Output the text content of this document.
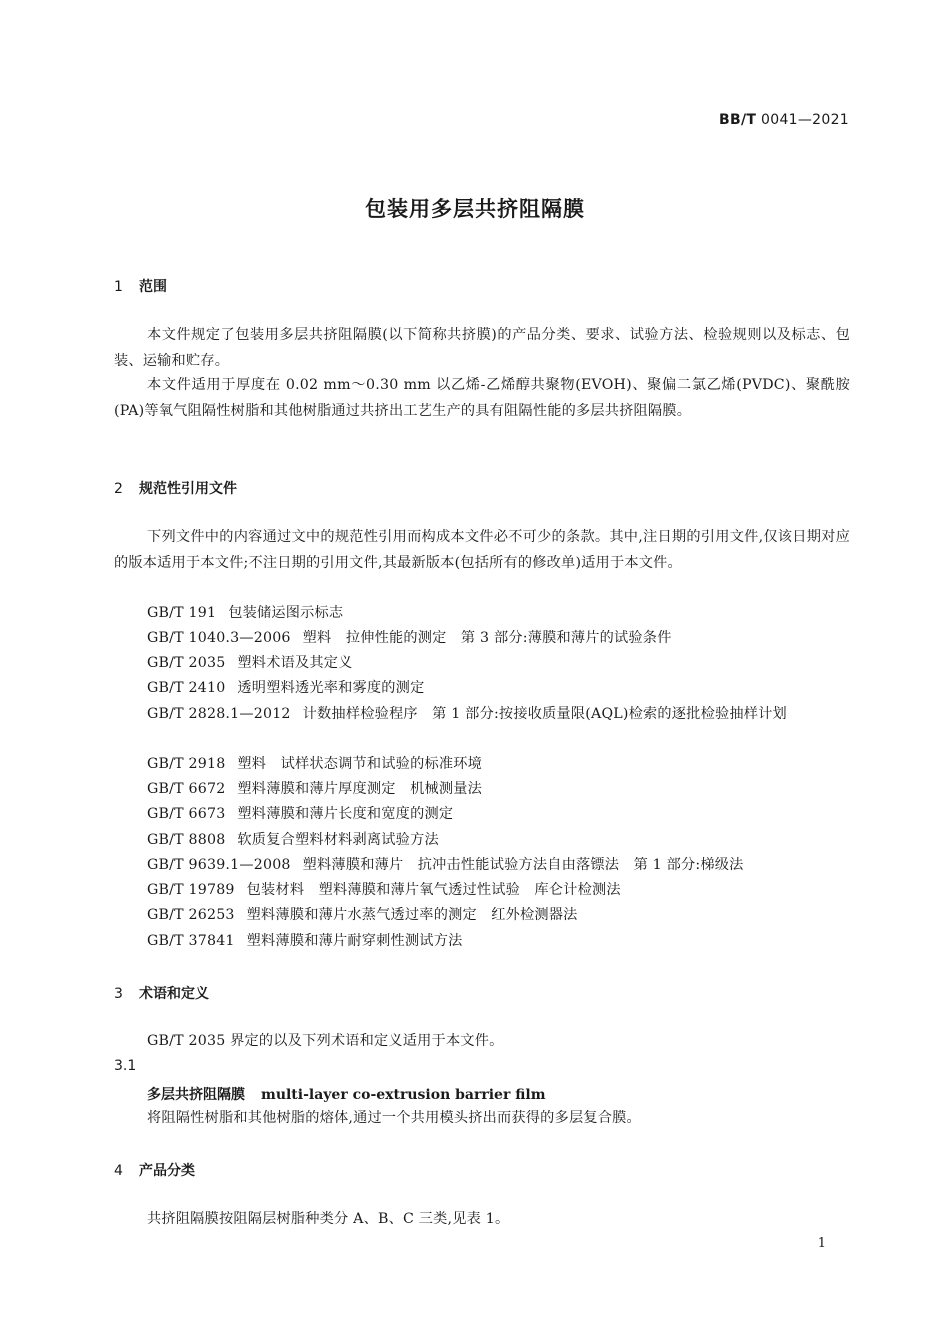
BB/T 0041—2021
包装用多层共挤阻隔膜
1 范围
本文件规定了包装用多层共挤阻隔膜(以下简称共挤膜)的产品分类、要求、试验方法、检验规则以及标志、包装、运输和贮存。
本文件适用于厚度在 0.02 mm～0.30 mm 以乙烯-乙烯醇共聚物(EVOH)、聚偏二氯乙烯(PVDC)、聚酰胺(PA)等氧气阻隔性树脂和其他树脂通过共挤出工艺生产的具有阻隔性能的多层共挤阻隔膜。
2 规范性引用文件
下列文件中的内容通过文中的规范性引用而构成本文件必不可少的条款。其中,注日期的引用文件,仅该日期对应的版本适用于本文件;不注日期的引用文件,其最新版本(包括所有的修改单)适用于本文件。
GB/T 191 包装储运图示标志
GB/T 1040.3—2006 塑料　拉伸性能的测定　第 3 部分:薄膜和薄片的试验条件
GB/T 2035 塑料术语及其定义
GB/T 2410 透明塑料透光率和雾度的测定
GB/T 2828.1—2012 计数抽样检验程序　第 1 部分:按接收质量限(AQL)检索的逐批检验抽样计划
GB/T 2918 塑料　试样状态调节和试验的标准环境
GB/T 6672 塑料薄膜和薄片厚度测定　机械测量法
GB/T 6673 塑料薄膜和薄片长度和宽度的测定
GB/T 8808 软质复合塑料材料剥离试验方法
GB/T 9639.1—2008 塑料薄膜和薄片　抗冲击性能试验方法自由落镖法　第 1 部分:梯级法
GB/T 19789 包装材料　塑料薄膜和薄片氧气透过性试验　库仑计检测法
GB/T 26253 塑料薄膜和薄片水蒸气透过率的测定　红外检测器法
GB/T 37841 塑料薄膜和薄片耐穿刺性测试方法
3 术语和定义
GB/T 2035 界定的以及下列术语和定义适用于本文件。
3.1
多层共挤阻隔膜 multi-layer co-extrusion barrier film
将阻隔性树脂和其他树脂的熔体,通过一个共用模头挤出而获得的多层复合膜。
4 产品分类
共挤阻隔膜按阻隔层树脂种类分 A、B、C 三类,见表 1。
1
